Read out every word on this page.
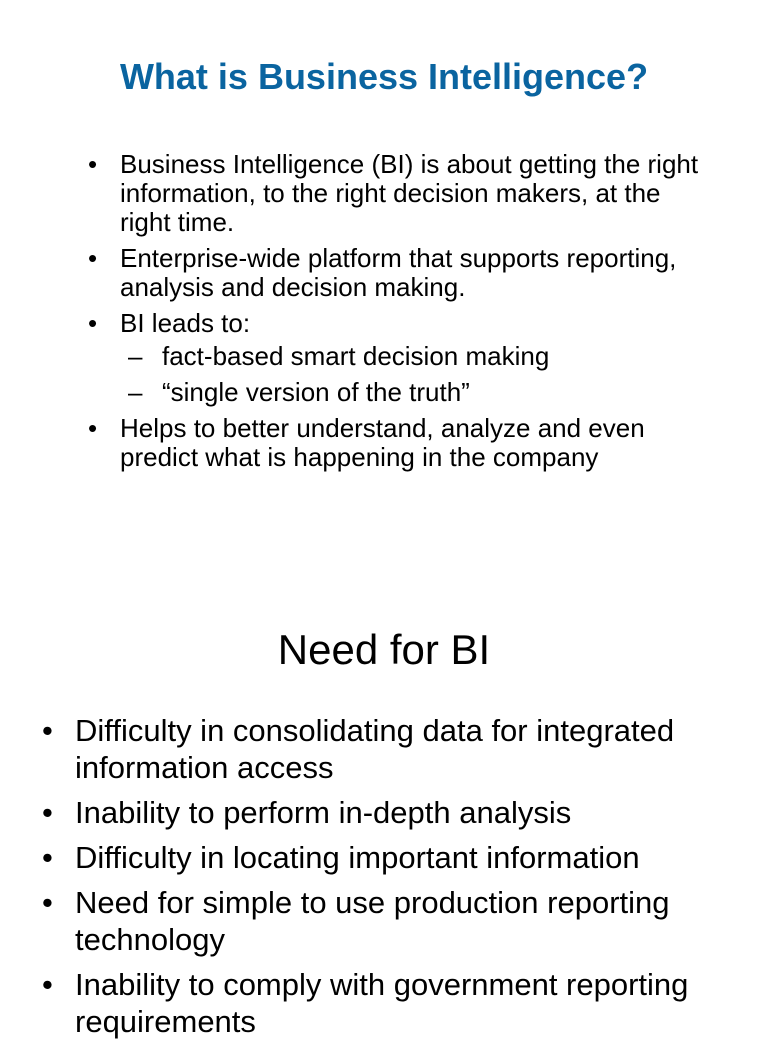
What is Business Intelligence?
• Business Intelligence (BI) is about getting the right information, to the right decision makers, at the right time.
• Enterprise-wide platform that supports reporting, analysis and decision making.
• BI leads to:
– fact-based smart decision making
– “single version of the truth”
• Helps to better understand, analyze and even predict what is happening in the company
Need for BI
• Difficulty in consolidating data for integrated information access
• Inability to perform in-depth analysis
• Difficulty in locating important information
• Need for simple to use production reporting technology
• Inability to comply with government reporting requirements
